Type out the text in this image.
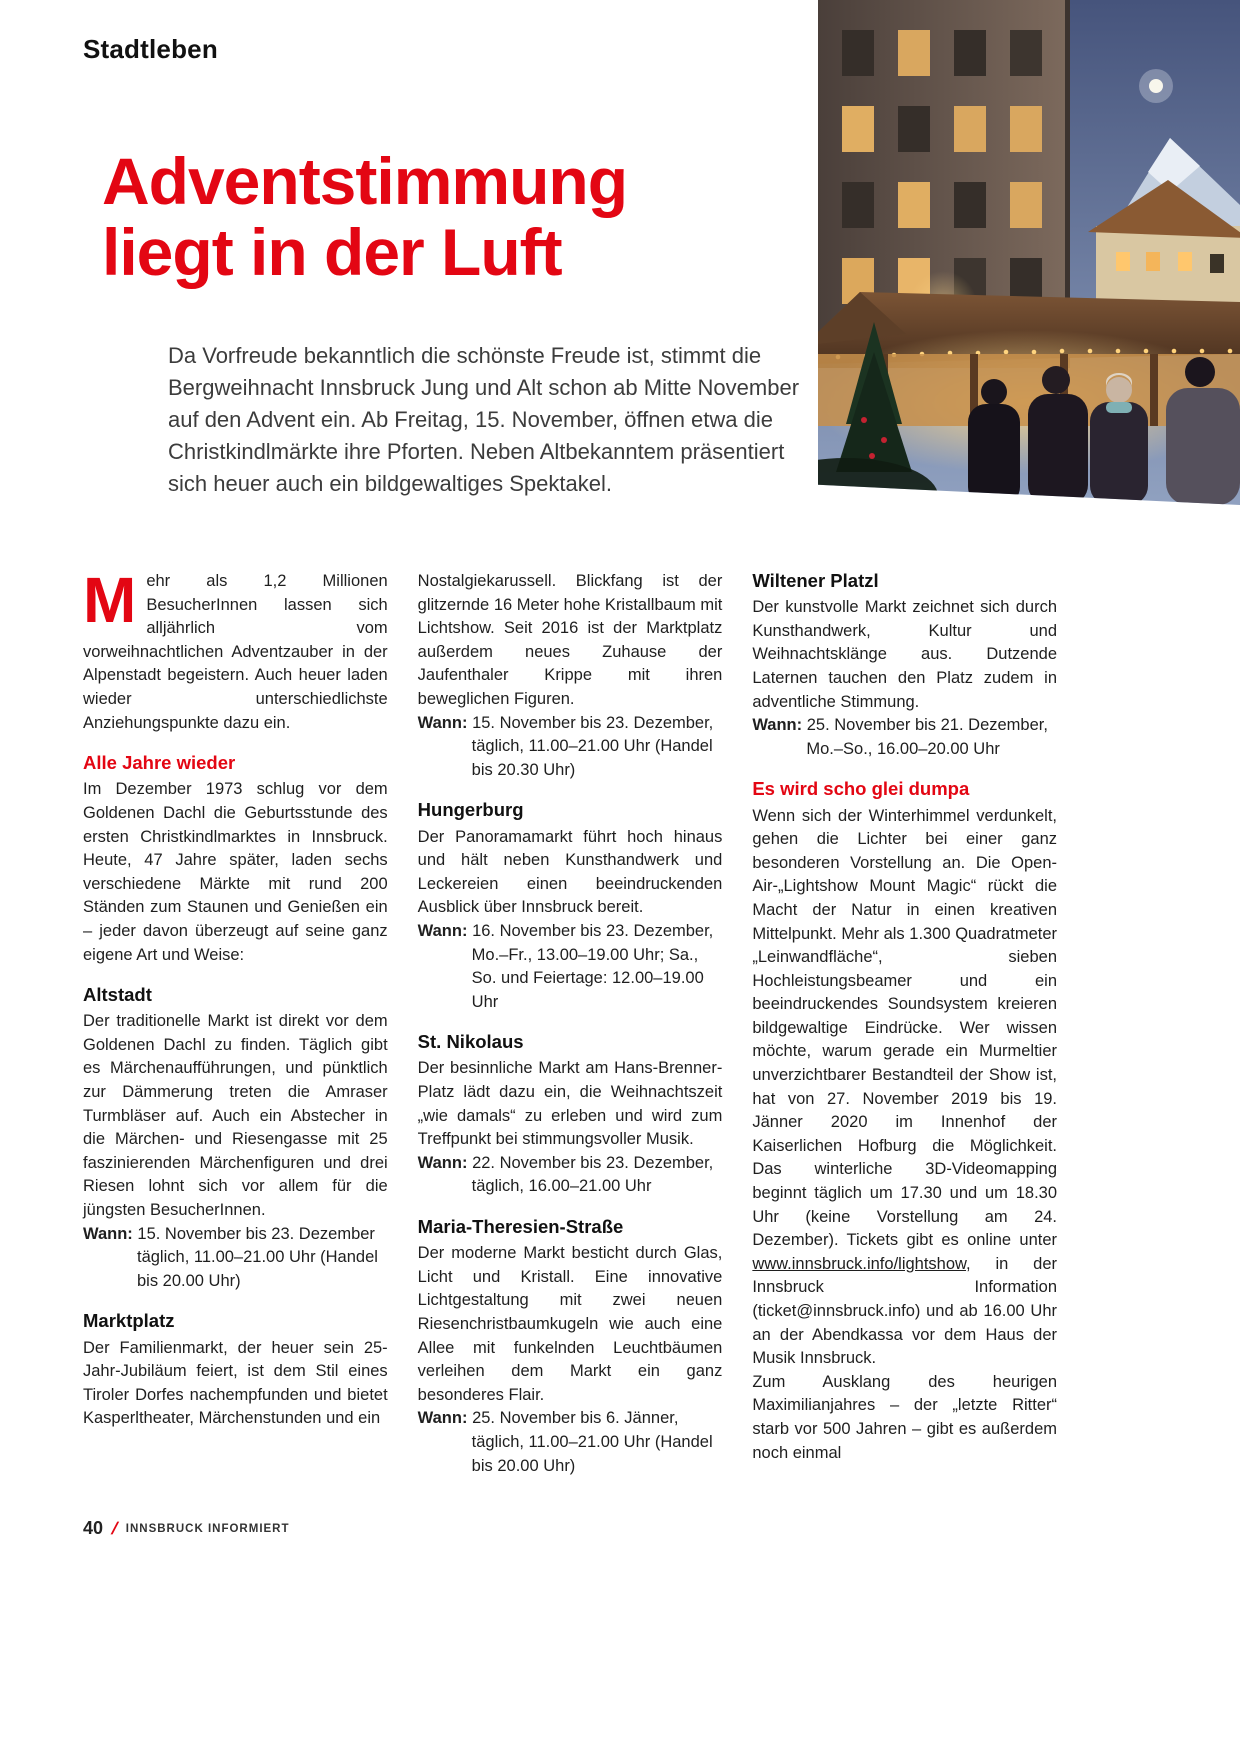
Stadtleben
Adventstimmung
liegt in der Luft

Da Vorfreude bekanntlich die schönste Freude ist, stimmt die Bergweihnacht Innsbruck Jung und Alt schon ab Mitte November auf den Advent ein. Ab Freitag, 15. November, öffnen etwa die Christkindlmärkte ihre Pforten. Neben Altbekanntem präsentiert sich heuer auch ein bildgewaltiges Spektakel.

Mehr als 1,2 Millionen BesucherInnen lassen sich alljährlich vom vorweihnachtlichen Adventzauber in der Alpenstadt begeistern. Auch heuer laden wieder unterschiedlichste Anziehungspunkte dazu ein.

Alle Jahre wieder

Im Dezember 1973 schlug vor dem Goldenen Dachl die Geburtsstunde des ersten Christkindlmarktes in Innsbruck. Heute, 47 Jahre später, laden sechs verschiedene Märkte mit rund 200 Ständen zum Staunen und Genießen ein – jeder davon überzeugt auf seine ganz eigene Art und Weise:

Altstadt

Der traditionelle Markt ist direkt vor dem Goldenen Dachl zu finden. Täglich gibt es Märchenaufführungen, und pünktlich zur Dämmerung treten die Amraser Turmbläser auf. Auch ein Abstecher in die Märchen- und Riesengasse mit 25 faszinierenden Märchenfiguren und drei Riesen lohnt sich vor allem für die jüngsten BesucherInnen.

Wann: 15. November bis 23. Dezember täglich, 11.00–21.00 Uhr (Handel bis 20.00 Uhr)

Marktplatz

Der Familienmarkt, der heuer sein 25-Jahr-Jubiläum feiert, ist dem Stil eines Tiroler Dorfes nachempfunden und bietet Kasperltheater, Märchenstunden und ein

Nostalgiekarussell. Blickfang ist der glitzernde 16 Meter hohe Kristallbaum mit Lichtshow. Seit 2016 ist der Marktplatz außerdem neues Zuhause der Jaufenthaler Krippe mit ihren beweglichen Figuren.

Wann: 15. November bis 23. Dezember, täglich, 11.00–21.00 Uhr (Handel bis 20.30 Uhr)

Hungerburg

Der Panoramamarkt führt hoch hinaus und hält neben Kunsthandwerk und Leckereien einen beeindruckenden Ausblick über Innsbruck bereit.

Wann: 16. November bis 23. Dezember, Mo.–Fr., 13.00–19.00 Uhr; Sa., So. und Feiertage: 12.00–19.00 Uhr

St. Nikolaus

Der besinnliche Markt am Hans-Brenner-Platz lädt dazu ein, die Weihnachtszeit „wie damals“ zu erleben und wird zum Treffpunkt bei stimmungsvoller Musik.

Wann: 22. November bis 23. Dezember, täglich, 16.00–21.00 Uhr

Maria-Theresien-Straße

Der moderne Markt besticht durch Glas, Licht und Kristall. Eine innovative Lichtgestaltung mit zwei neuen Riesenchristbaumkugeln wie auch eine Allee mit funkelnden Leuchtbäumen verleihen dem Markt ein ganz besonderes Flair.

Wann: 25. November bis 6. Jänner, täglich, 11.00–21.00 Uhr (Handel bis 20.00 Uhr)

Wiltener Platzl

Der kunstvolle Markt zeichnet sich durch Kunsthandwerk, Kultur und Weihnachtsklänge aus. Dutzende Laternen tauchen den Platz zudem in adventliche Stimmung.

Wann: 25. November bis 21. Dezember, Mo.–So., 16.00–20.00 Uhr

Es wird scho glei dumpa

Wenn sich der Winterhimmel verdunkelt, gehen die Lichter bei einer ganz besonderen Vorstellung an. Die Open-Air-„Lightshow Mount Magic“ rückt die Macht der Natur in einen kreativen Mittelpunkt. Mehr als 1.300 Quadratmeter „Leinwandfläche“, sieben Hochleistungsbeamer und ein beeindruckendes Soundsystem kreieren bildgewaltige Eindrücke. Wer wissen möchte, warum gerade ein Murmeltier unverzichtbarer Bestandteil der Show ist, hat von 27. November 2019 bis 19. Jänner 2020 im Innenhof der Kaiserlichen Hofburg die Möglichkeit. Das winterliche 3D-Videomapping beginnt täglich um 17.30 und um 18.30 Uhr (keine Vorstellung am 24. Dezember). Tickets gibt es online unter www.innsbruck.info/lightshow, in der Innsbruck Information (ticket@innsbruck.info) und ab 16.00 Uhr an der Abendkassa vor dem Haus der Musik Innsbruck.

Zum Ausklang des heurigen Maximilianjahres – der „letzte Ritter“ starb vor 500 Jahren – gibt es außerdem noch einmal

40 / INNSBRUCK INFORMIERT
